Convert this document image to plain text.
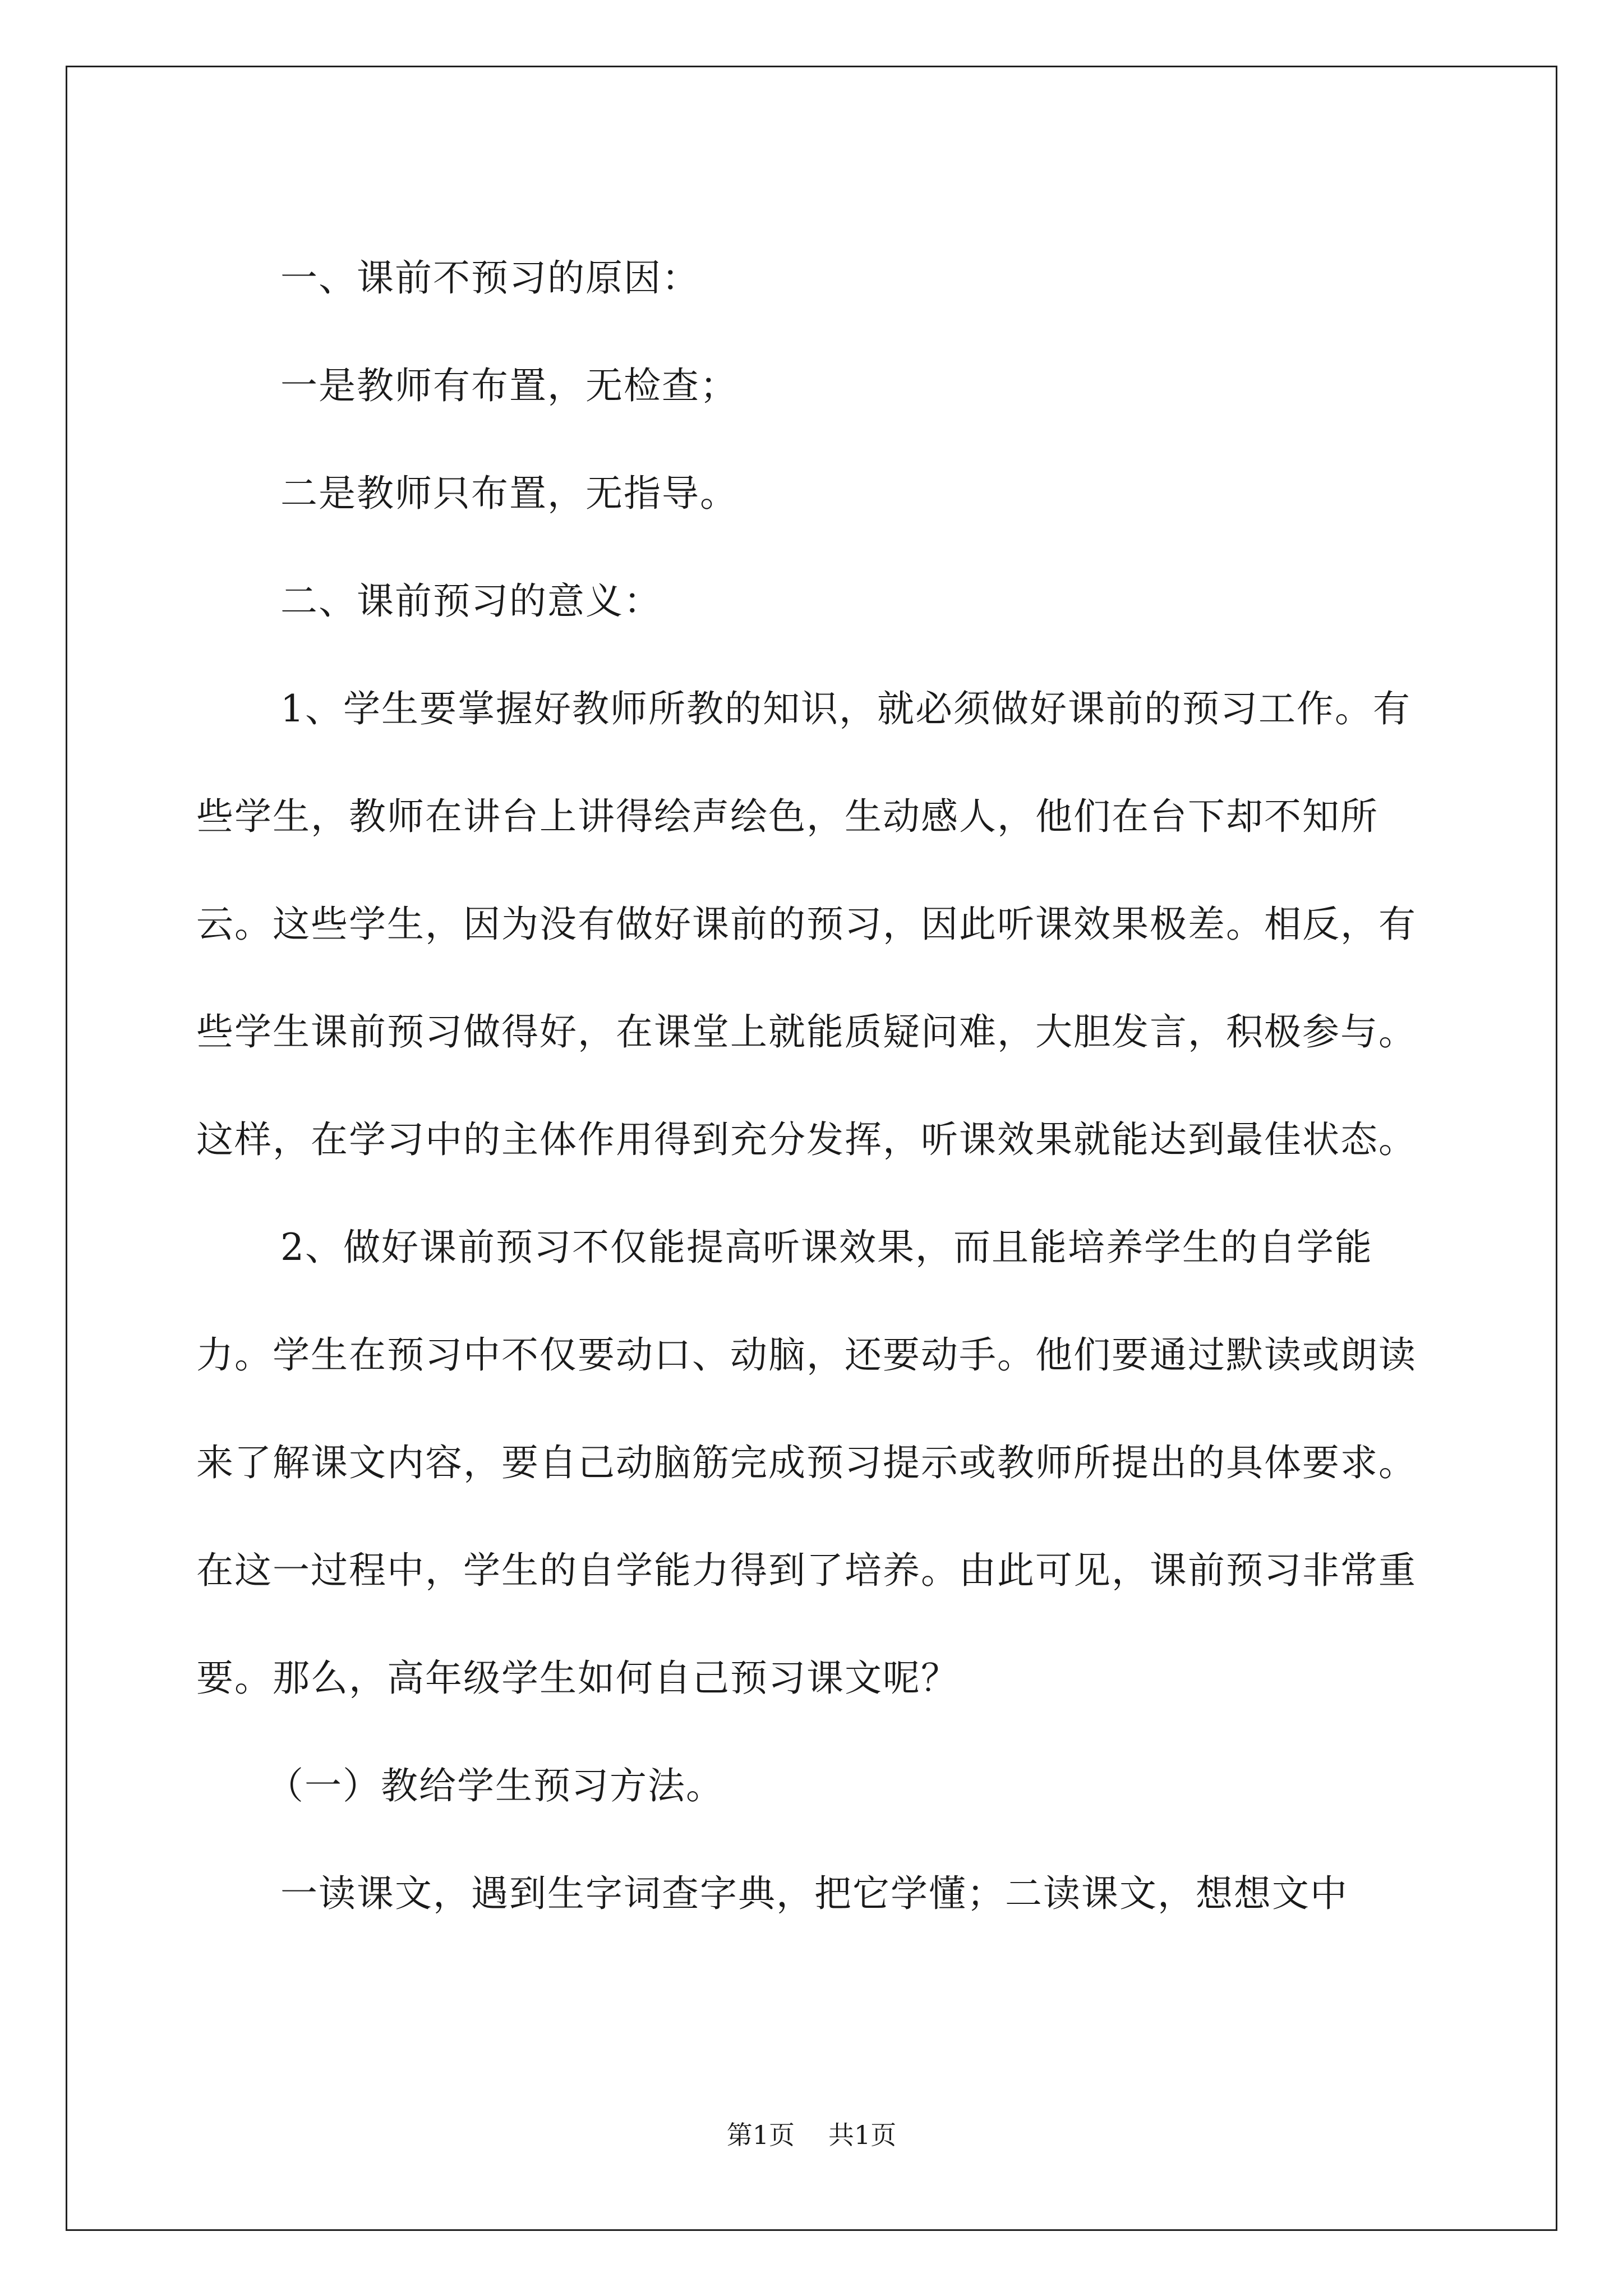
一、课前不预习的原因：

一是教师有布置，无检查；

二是教师只布置，无指导。

二、课前预习的意义：

1、学生要掌握好教师所教的知识，就必须做好课前的预习工作。有些学生，教师在讲台上讲得绘声绘色，生动感人，他们在台下却不知所云。这些学生，因为没有做好课前的预习，因此听课效果极差。相反，有些学生课前预习做得好，在课堂上就能质疑问难，大胆发言，积极参与。这样，在学习中的主体作用得到充分发挥，听课效果就能达到最佳状态。

2、做好课前预习不仅能提高听课效果，而且能培养学生的自学能力。学生在预习中不仅要动口、动脑，还要动手。他们要通过默读或朗读来了解课文内容，要自己动脑筋完成预习提示或教师所提出的具体要求。在这一过程中，学生的自学能力得到了培养。由此可见，课前预习非常重要。那么，高年级学生如何自己预习课文呢？

（一）教给学生预习方法。

一读课文，遇到生字词查字典，把它学懂；二读课文，想想文中

第1页 共1页
